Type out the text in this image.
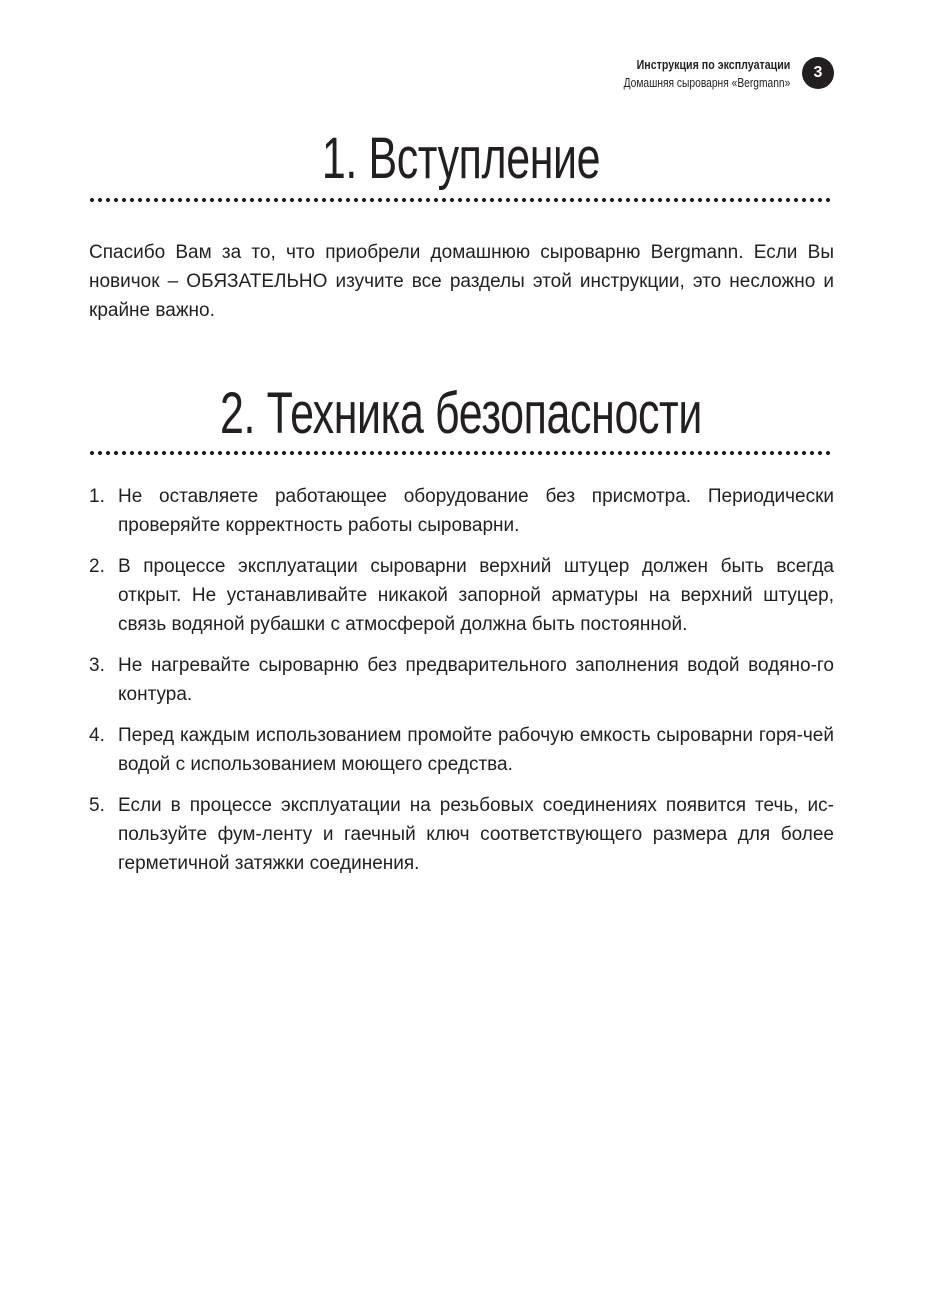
Инструкция по эксплуатации
Домашняя сыроварня «Bergmann»
3
1. Вступление

Спасибо Вам за то, что приобрели домашнюю сыроварню Bergmann. Если Вы новичок – ОБЯЗАТЕЛЬНО изучите все разделы этой инструкции, это несложно и крайне важно.

2. Техника безопасности
1. Не оставляете работающее оборудование без присмотра. Периодически проверяйте корректность работы сыроварни.
2. В процессе эксплуатации сыроварни верхний штуцер должен быть всегда открыт. Не устанавливайте никакой запорной арматуры на верхний штуцер, связь водяной рубашки с атмосферой должна быть постоянной.
3. Не нагревайте сыроварню без предварительного заполнения водой водяно-го контура.
4. Перед каждым использованием промойте рабочую емкость сыроварни горя-чей водой с использованием моющего средства.
5. Если в процессе эксплуатации на резьбовых соединениях появится течь, ис-пользуйте фум-ленту и гаечный ключ соответствующего размера для более герметичной затяжки соединения.
